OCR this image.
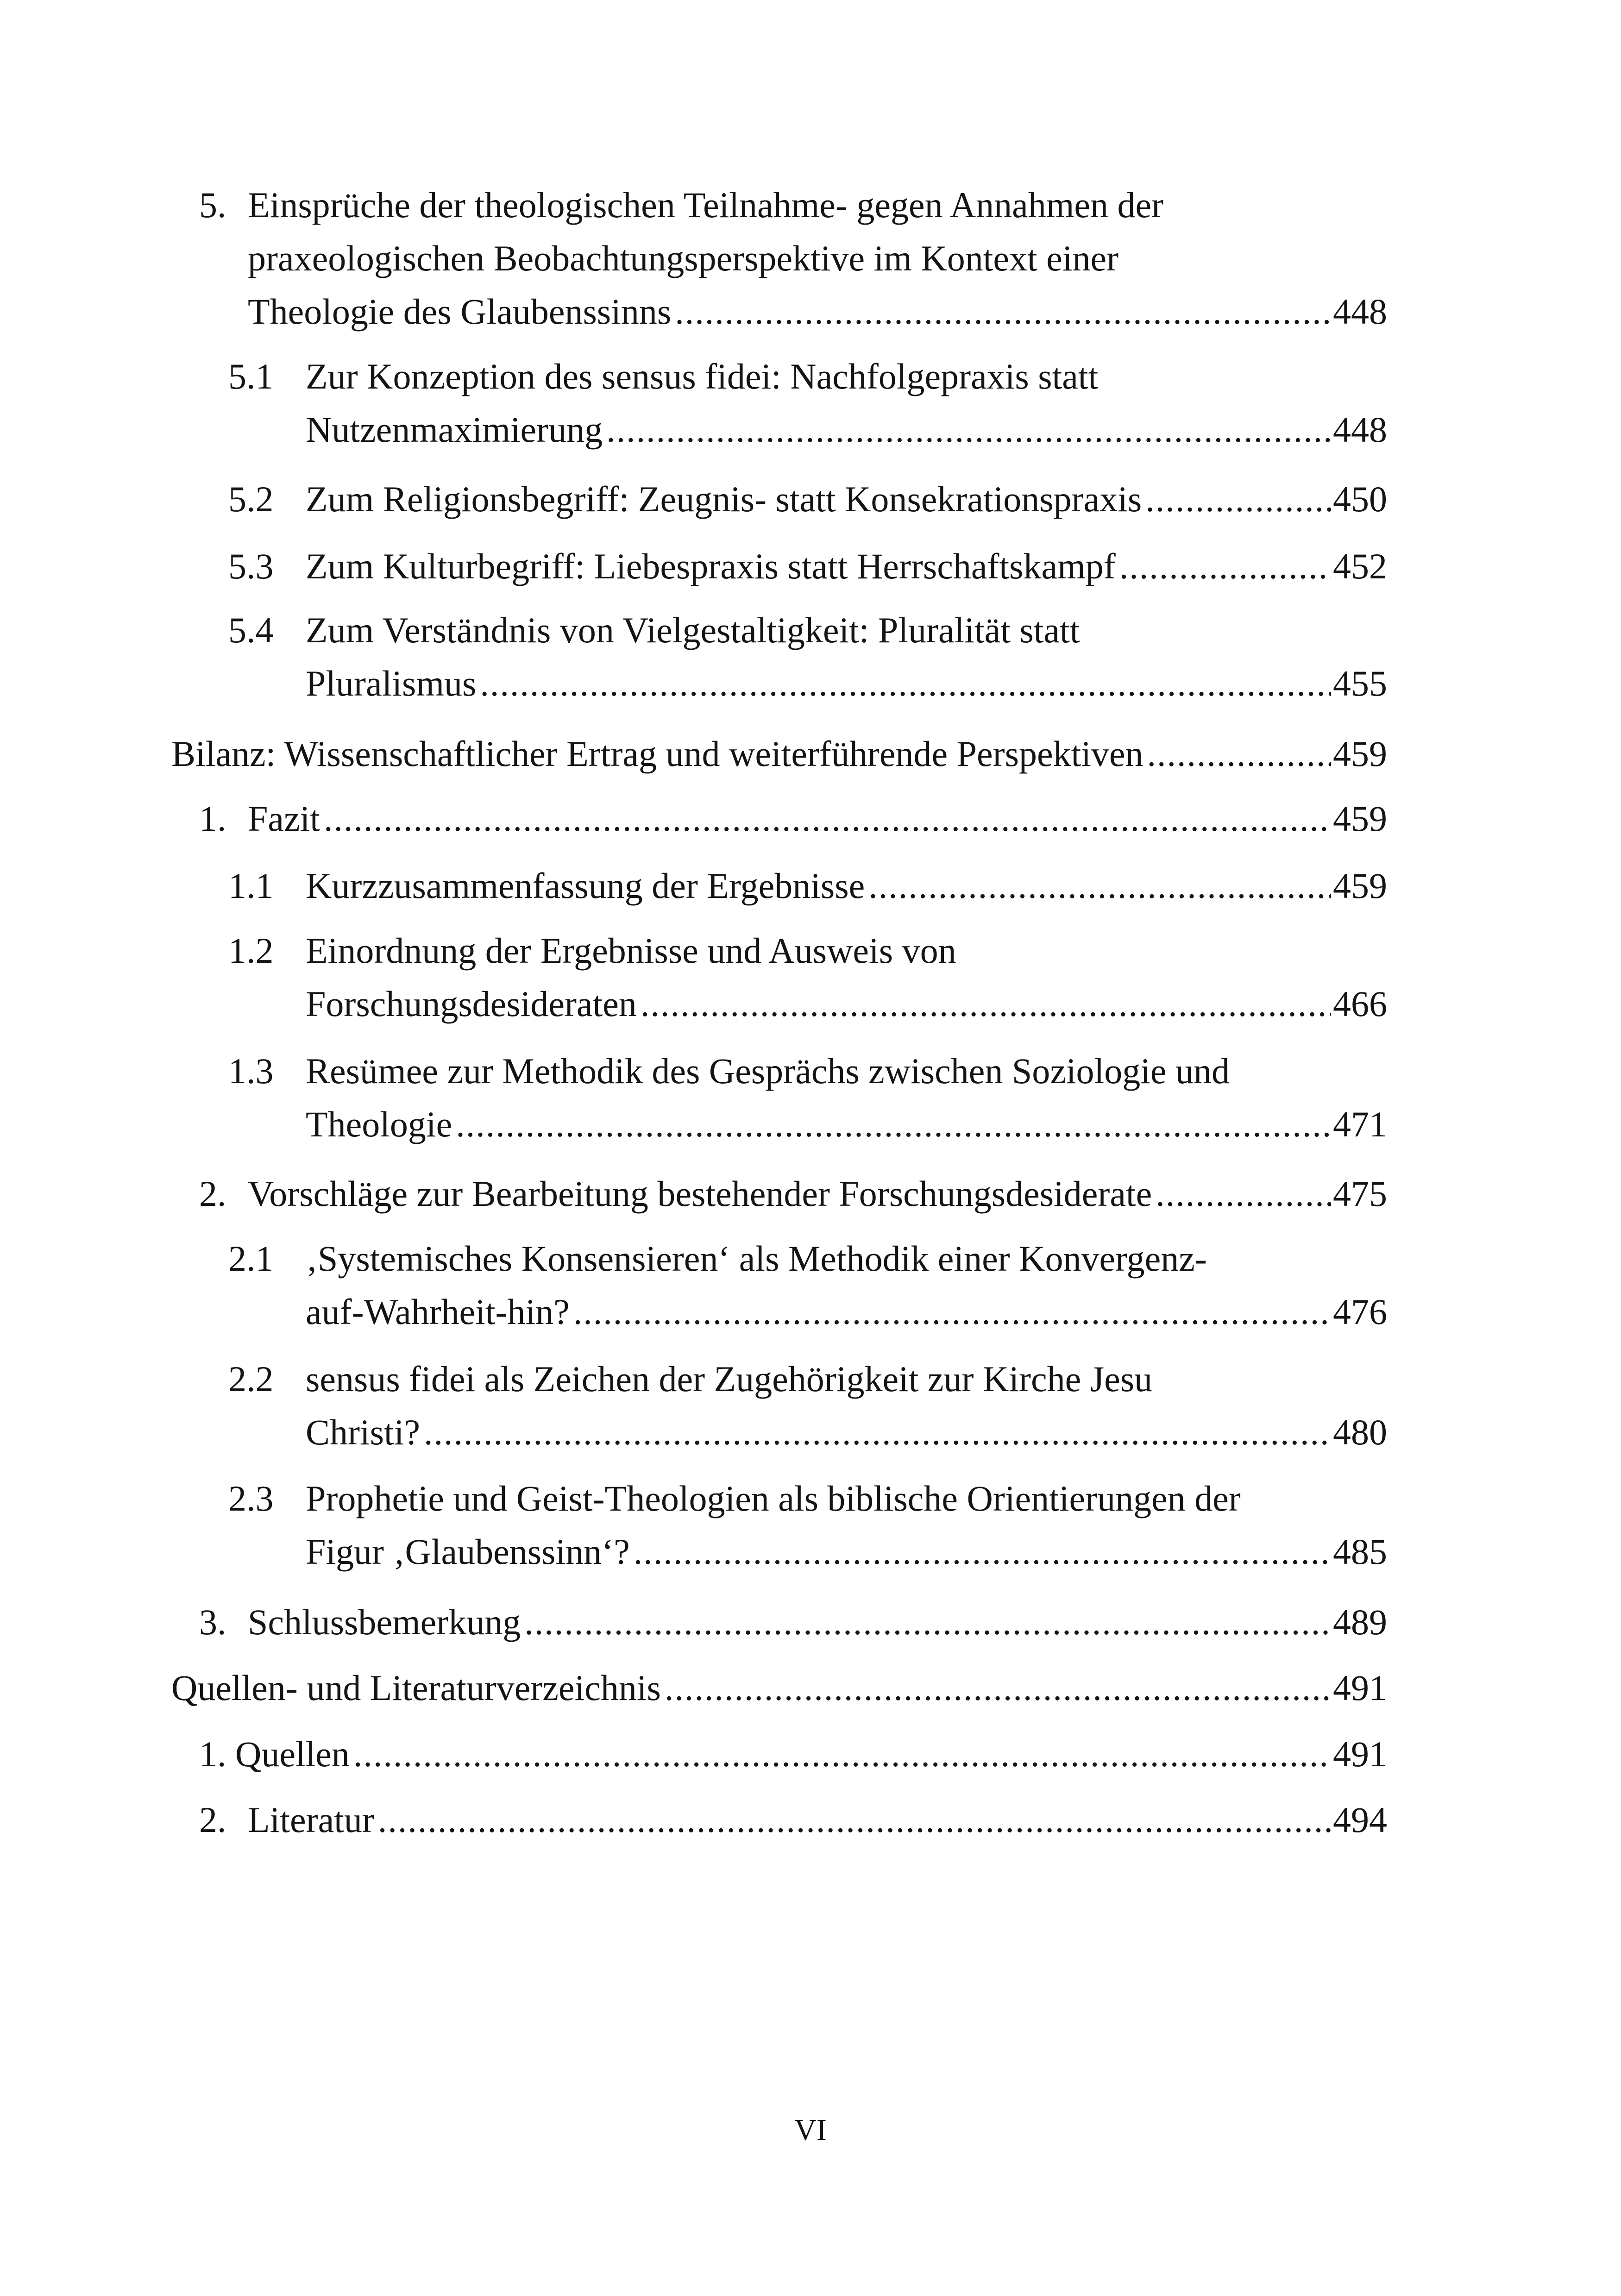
5. Einsprüche der theologischen Teilnahme- gegen Annahmen der
praxeologischen Beobachtungsperspektive im Kontext einer
Theologie des Glaubenssinns .....	448
5.1 Zur Konzeption des sensus fidei: Nachfolgepraxis statt
Nutzenmaximierung .....	448
5.2 Zum Religionsbegriff: Zeugnis- statt Konsekrationspraxis .....	450
5.3 Zum Kulturbegriff: Liebespraxis statt Herrschaftskampf .....	452
5.4 Zum Verständnis von Vielgestaltigkeit: Pluralität statt
Pluralismus .....	455
Bilanz: Wissenschaftlicher Ertrag und weiterführende Perspektiven .....	459
1. Fazit .....	459
1.1 Kurzzusammenfassung der Ergebnisse .....	459
1.2 Einordnung der Ergebnisse und Ausweis von
Forschungsdesideraten .....	466
1.3 Resümee zur Methodik des Gesprächs zwischen Soziologie und
Theologie .....	471
2. Vorschläge zur Bearbeitung bestehender Forschungsdesiderate .....	475
2.1 ‚Systemisches Konsensieren‘ als Methodik einer Konvergenz-
auf-Wahrheit-hin? .....	476
2.2 sensus fidei als Zeichen der Zugehörigkeit zur Kirche Jesu
Christi? .....	480
2.3 Prophetie und Geist-Theologien als biblische Orientierungen der
Figur ‚Glaubenssinn‘? .....	485
3. Schlussbemerkung .....	489
Quellen- und Literaturverzeichnis .....	491
1. Quellen .....	491
2. Literatur .....	494
VI
